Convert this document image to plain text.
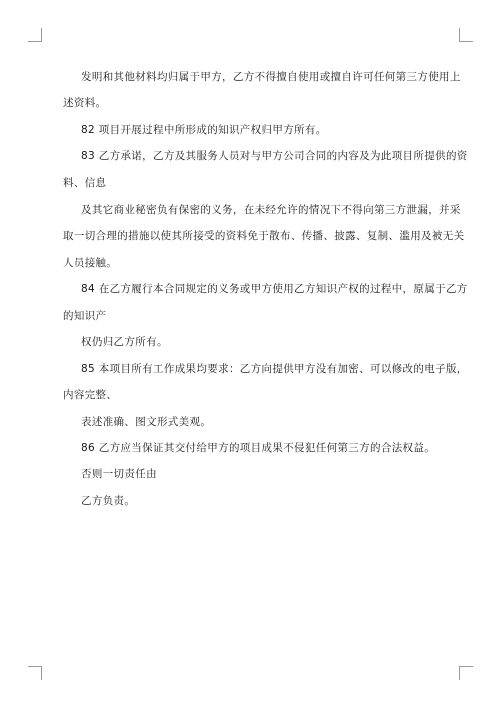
发明和其他材料均归属于甲方，乙方不得擅自使用或擅自许可任何第三方使用上
述资料。
82 项目开展过程中所形成的知识产权归甲方所有。
83 乙方承诺，乙方及其服务人员对与甲方公司合同的内容及为此项目所提供的资
料、信息
及其它商业秘密负有保密的义务，在未经允许的情况下不得向第三方泄漏，并采
取一切合理的措施以使其所接受的资料免于散布、传播、披露、复制、滥用及被无关
人员接触。
84 在乙方履行本合同规定的义务或甲方使用乙方知识产权的过程中，原属于乙方
的知识产
权仍归乙方所有。
85 本项目所有工作成果均要求：乙方向提供甲方没有加密、可以修改的电子版，
内容完整、
表述准确、图文形式美观。
86 乙方应当保证其交付给甲方的项目成果不侵犯任何第三方的合法权益。
否则一切责任由
乙方负责。
